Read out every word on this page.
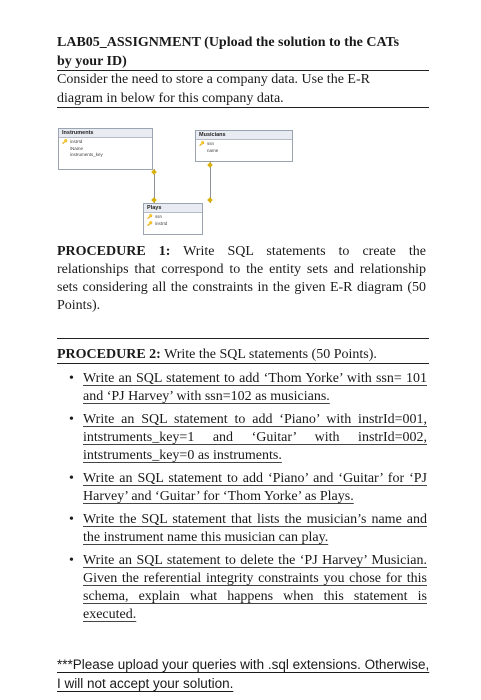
LAB05_ASSIGNMENT (Upload the solution to the CATs
by your ID)
Consider the need to store a company data. Use the E-R
diagram in below for this company data.
Instruments
🔑 instrId
iName
instruments_key
Musicians
🔑 ssn
name
Plays
🔑 ssn
🔑 instrId
PROCEDURE 1: Write SQL statements to create the relationships that correspond to the entity sets and relationship sets considering all the constraints in the given E-R diagram (50 Points).
PROCEDURE 2: Write the SQL statements (50 Points).
• Write an SQL statement to add ‘Thom Yorke’ with ssn= 101 and ‘PJ Harvey’ with ssn=102 as musicians.
• Write an SQL statement to add ‘Piano’ with instrId=001, intstruments_key=1 and ‘Guitar’ with instrId=002, intstruments_key=0 as instruments.
• Write an SQL statement to add ‘Piano’ and ‘Guitar’ for ‘PJ Harvey’ and ‘Guitar’ for ‘Thom Yorke’ as Plays.
• Write the SQL statement that lists the musician’s name and the instrument name this musician can play.
• Write an SQL statement to delete the ‘PJ Harvey’ Musician. Given the referential integrity constraints you chose for this schema, explain what happens when this statement is executed.
***Please upload your queries with .sql extensions. Otherwise, I will not accept your solution.
